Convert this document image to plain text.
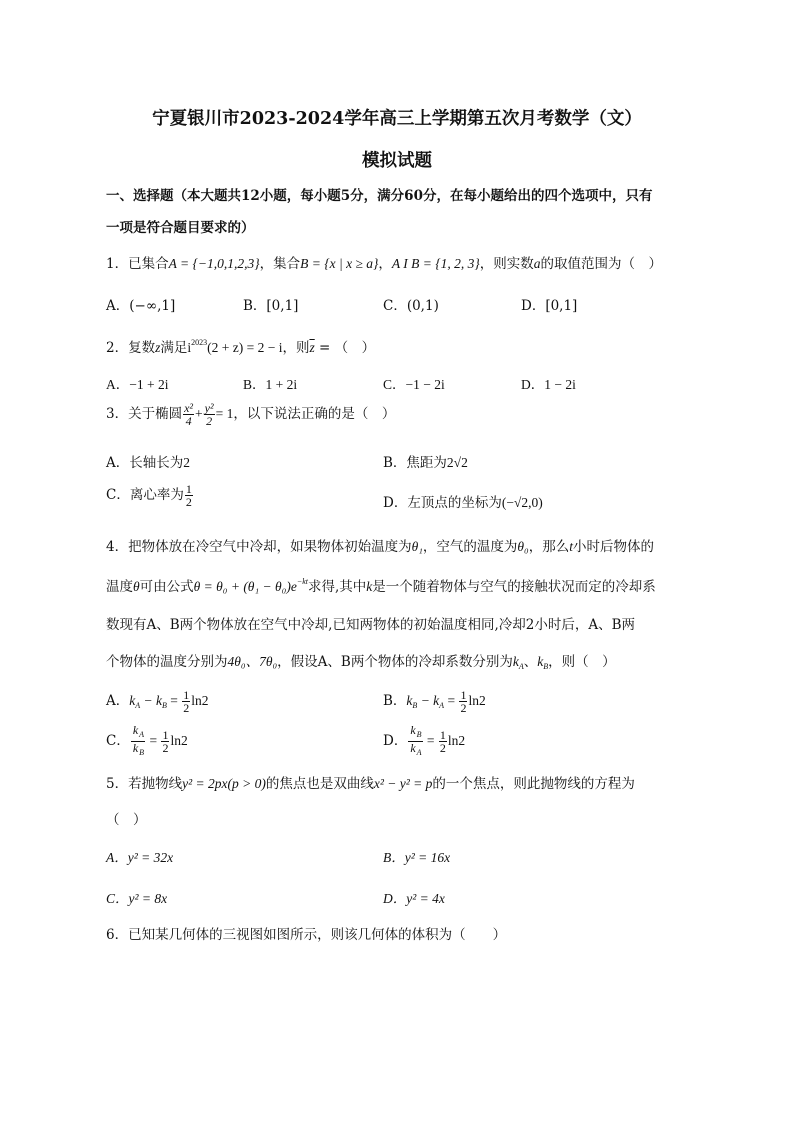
宁夏银川市2023-2024学年高三上学期第五次月考数学（文）
模拟试题
一、选择题（本大题共12小题，每小题5分，满分60分，在每小题给出的四个选项中，只有
一项是符合题目要求的）
1．已集合A = {−1,0,1,2,3}，集合B = {x | x ≥ a}，A I B = {1, 2, 3}，则实数a的取值范围为（　）
A．(−∞,1]	B．[0,1]	C．(0,1)	D．[0,1]
2．复数z满足$i^{2023}(2 + z) = 2 - i$，则$\overline{z}$ = （　）
A．−1 + 2i	B．1 + 2i	C．−1 − 2i	D．1 − 2i
3．关于椭圆 $\frac{\text{x²}}{4} + \frac{\text{y²}}{2} = 1$，以下说法正确的是（　）
A．长轴长为2	B．焦距为2√2
C．离心率为 $\frac{1}{2}$	D．左顶点的坐标为(−√2,0)
4．把物体放在冷空气中冷却，如果物体初始温度为θ₁，空气的温度为θ₀，那么t小时后物体的
温度θ可由公式$\theta = \theta_0 + (\theta_1 - \theta_0)e^{-kt}$求得,其中k是一个随着物体与空气的接触状况而定的冷却系
数现有A、B两个物体放在空气中冷却,已知两物体的初始温度相同,冷却2小时后，A、B两
个物体的温度分别为4θ₀、7θ₀，假设A、B两个物体的冷却系数分别为$k_A$、$k_B$，则（　）
A．$k_A - k_B = \frac{1}{2} \ln 2$	B．$k_B - k_A = \frac{1}{2} \ln 2$
C． $\frac{k_A}{k_B} = \frac{1}{2} \ln 2$	D． $\frac{k_B}{k_A} = \frac{1}{2} \ln 2$
5．若抛物线y² = 2px(p > 0)的焦点也是双曲线x² − y² = p的一个焦点，则此抛物线的方程为
（　）
A．y² = 32x	B．y² = 16x
C．y² = 8x	D．y² = 4x
6．已知某几何体的三视图如图所示，则该几何体的体积为（　　）
